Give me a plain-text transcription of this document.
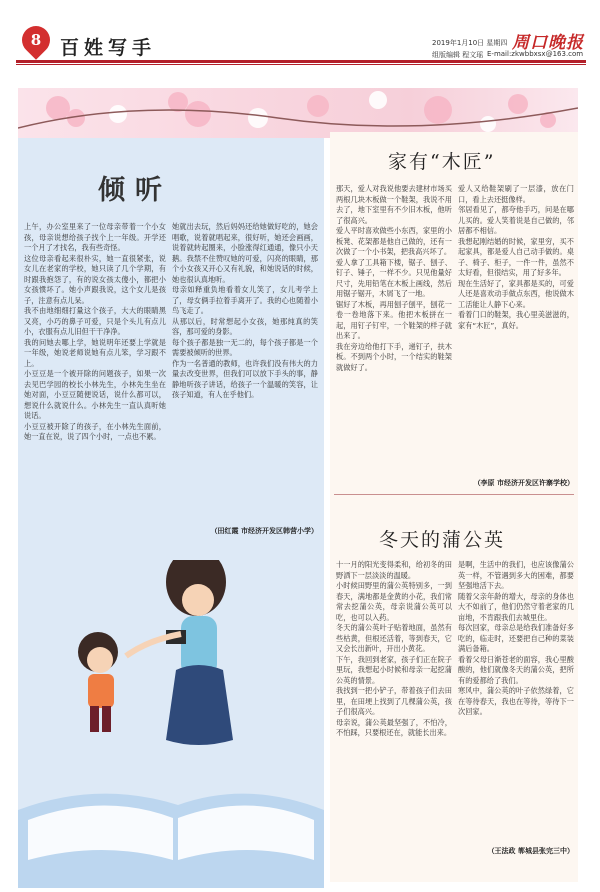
8 百姓写手	2019年1月10日 星期四
组版编辑 程文瑶 E-mail:zkwbbxsx@163.com
周口晚报
倾听

上午，办公室里来了一位母亲带着一个小女孩，母亲说想给孩子找个上一年级。开学还一个月了才找名，我有些奇怪。

这位母亲看起来很朴实，她一直很紧张，说女儿在老家的学校，她只读了几个学期，有时跟我抱怨了，有的说女孩太傻小，都把小女孩惯坏了。她小声跟我说，这个女儿是孩子，注意有点儿呆。

我不由地细细打量这个孩子，大大的眼睛黑又亮，小巧的鼻子可爱，只是个头儿有点儿小，衣服有点儿旧但干干净净。

我的问她去哪上学，她说明年还要上学就是一年级，她说老师说她有点儿笨，学习跟不上。

小豆豆是一个被开除的问题孩子，如果一次去见巴学园的校长小林先生，小林先生坐在她对面，小豆豆随便说话，说什么都可以，想说什么就说什么。小林先生一直认真听她说话。

小豆豆被开除了的孩子，在小林先生面前，她一直在说，说了四个小时，一点也不累。

她就出去玩，然后妈妈还给她做好吃的，她会唱歌，说着就唱起来，很好听，她还会画画，说着就转起圈来，小脸涨得红通通，像只小天鹅。我禁不住赞叹她的可爱，闪亮的眼睛，那个小女孩又开心又有礼貌，和她说话的时候，她也很认真地听。

母亲如释重负地看着女儿笑了，女儿考学上了，母女俩手拉着手离开了。我的心也随着小鸟飞走了。

从那以后，时常想起小女孩，她那纯真的笑容，那可爱的身影。

每个孩子都是独一无二的，每个孩子都是一个需要被倾听的世界。

作为一名普通的教师，也许我们没有伟大的力量去改变世界，但我们可以放下手头的事，静静地听孩子讲话，给孩子一个温暖的笑容，让孩子知道，有人在乎他们。

（田红霞 市经济开发区韩营小学）
家有“木匠”

那天，爱人对我说他要去建材市场买两根几块木板做一个鞋架，我说不用去了，地下室里有不少旧木板，他听了很高兴。

爱人平时喜欢做些小东西，家里的小板凳、花架都是他自己做的，还有一次做了一个小书架，把我高兴坏了。

爱人拿了工具箱下楼，锯子、刨子、钉子、锤子，一样不少。只见他量好尺寸，先用铅笔在木板上画线，然后用锯子锯开，木屑飞了一地。

锯好了木板，再用刨子刨平，刨花一卷一卷地落下来。他把木板拼在一起，用钉子钉牢，一个鞋架的样子就出来了。

我在旁边给他打下手，递钉子，扶木板。不到两个小时，一个结实的鞋架就做好了。

爱人又给鞋架刷了一层漆，放在门口，看上去还挺像样。

邻居看见了，都夸他手巧，问是在哪儿买的。爱人笑着说是自己做的，邻居都不相信。

我想起刚结婚的时候，家里穷，买不起家具，都是爱人自己动手做的。桌子、椅子、柜子，一件一件，虽然不太好看，但很结实，用了好多年。

现在生活好了，家具都是买的，可爱人还是喜欢动手做点东西，他说做木工活能让人静下心来。

看着门口的鞋架，我心里美滋滋的，家有“木匠”，真好。

（李原 市经济开发区许寨学校）
冬天的蒲公英

十一月的阳光变得柔和，给初冬的田野洒下一层淡淡的温暖。

小时候田野里的蒲公英特别多，一到春天，满地都是金黄的小花，我们常常去挖蒲公英，母亲说蒲公英可以吃，也可以入药。

冬天的蒲公英叶子贴着地面，虽然有些枯黄，但根还活着，等到春天，它又会长出新叶，开出小黄花。

下午，我回到老家，孩子们正在院子里玩，我想起小时候和母亲一起挖蒲公英的情景。

我找到一把小铲子，带着孩子们去田里，在田埂上找到了几棵蒲公英，孩子们很高兴。

母亲说，蒲公英最坚强了，不怕冷，不怕踩，只要根还在，就能长出来。

是啊，生活中的我们，也应该像蒲公英一样，不管遇到多大的困难，都要坚强地活下去。

随着父亲年龄的增大，母亲的身体也大不如前了，他们仍然守着老家的几亩地，不肯跟我们去城里住。

每次回家，母亲总是给我们准备好多吃的，临走时，还要把自己种的菜装满后备箱。

看着父母日渐苍老的面容，我心里酸酸的，他们就像冬天的蒲公英，把所有的爱都给了我们。

寒风中，蒲公英的叶子依然绿着，它在等待春天，我也在等待，等待下一次回家。

（王法政 郸城县张完三中）
